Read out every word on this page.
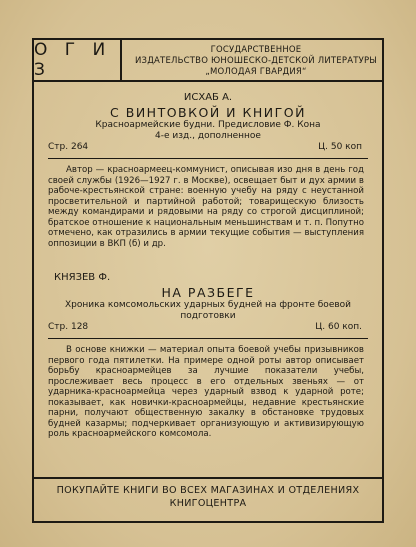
О Г И З
ГОСУДАРСТВЕННОЕ
ИЗДАТЕЛЬСТВО ЮНОШЕСКО-ДЕТСКОЙ ЛИТЕРАТУРЫ
„МОЛОДАЯ ГВАРДИЯ“
ИСХАБ А.
С ВИНТОВКОЙ И КНИГОЙ
Красноармейские будни. Предисловие Ф. Кона
4-е изд., дополненное
Стр. 264	Ц. 50 коп

Автор — красноармеец-коммунист, описывая изо дня в день год своей службы (1926—1927 г. в Москве), освещает быт и дух армии в рабоче-крестьянской стране: военную учебу на ряду с неустанной просветительной и партийной работой; товарищескую близость между командирами и рядовыми на ряду со строгой дисциплиной; братское отношение к национальным меньшинствам и т. п. Попутно отмечено, как отразились в армии текущие события — выступления оппозиции в ВКП (б) и др.

КНЯЗЕВ Ф.
НА РАЗБЕГЕ
Хроника комсомольских ударных будней на фронте боевой
подготовки
Стр. 128	Ц. 60 коп.

В основе книжки — материал опыта боевой учебы призывников первого года пятилетки. На примере одной роты автор описывает борьбу красноармейцев за лучшие показатели учебы, прослеживает весь процесс в его отдельных звеньях — от ударника-красноармейца через ударный взвод к ударной роте; показывает, как новички-красноармейцы, недавние крестьянские парни, получают общественную закалку в обстановке трудовых будней казармы; подчеркивает организующую и активизирующую роль красноармейского комсомола.

ПОКУПАЙТЕ КНИГИ ВО ВСЕХ МАГАЗИНАХ И ОТДЕЛЕНИЯХ
КНИГОЦЕНТРА
